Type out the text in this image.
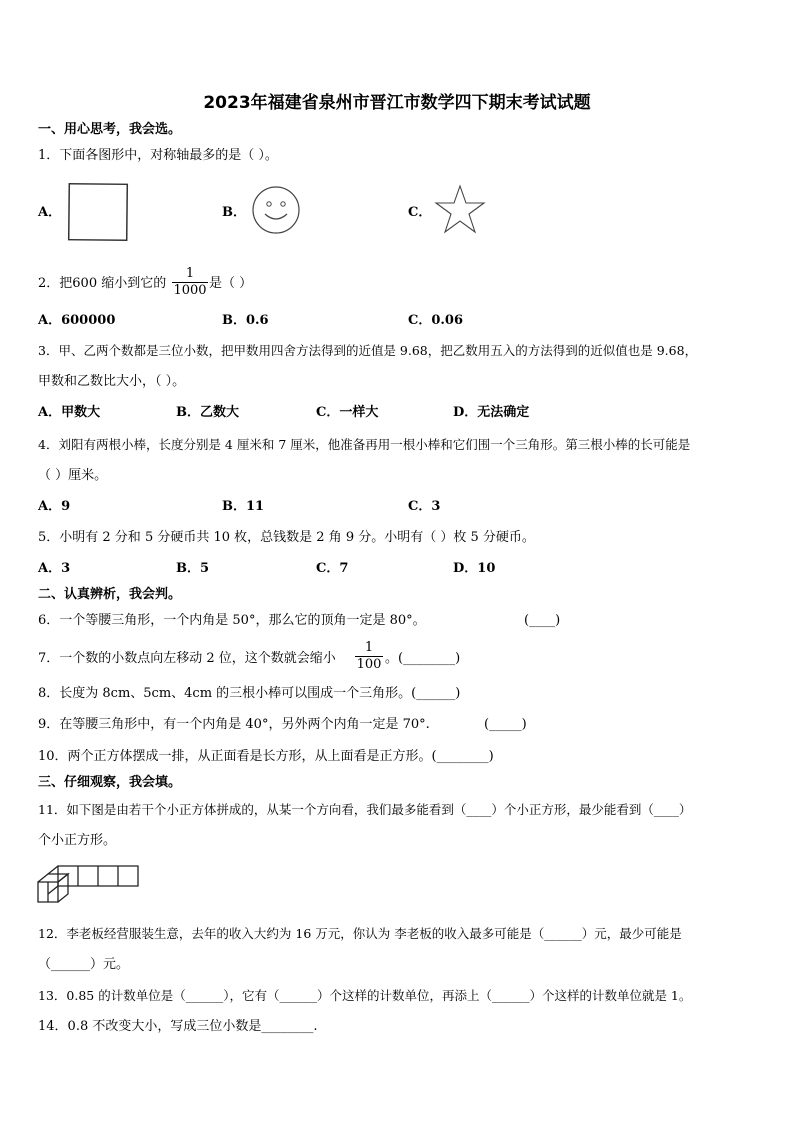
2023年福建省泉州市晋江市数学四下期末考试试题
一、用心思考，我会选。
1．下面各图形中，对称轴最多的是（ ）。
A．	B．	C．
2．把600 缩小到它的 $\frac{1}{1000}$ 是（ ）
A．600000	B．0.6	C．0.06
3．甲、乙两个数都是三位小数，把甲数用四舍方法得到的近值是 9.68，把乙数用五入的方法得到的近似值也是 9.68，
甲数和乙数比大小，（ ）。
A．甲数大	B．乙数大	C．一样大	D．无法确定
4．刘阳有两根小棒，长度分别是 4 厘米和 7 厘米，他准备再用一根小棒和它们围一个三角形。第三根小棒的长可能是
（ ）厘米。
A．9	B．11	C．3
5．小明有 2 分和 5 分硬币共 10 枚，总钱数是 2 角 9 分。小明有（ ）枚 5 分硬币。
A．3	B．5	C．7	D．10
二、认真辨析，我会判。
6．一个等腰三角形，一个内角是 50°，那么它的顶角一定是 80°。	(____)
7．一个数的小数点向左移动 2 位，这个数就会缩小 $\frac{1}{100}$ 。(________)
8．长度为 8cm、5cm、4cm 的三根小棒可以围成一个三角形。(______)
9．在等腰三角形中，有一个内角是 40°，另外两个内角一定是 70°.	(_____)
10．两个正方体摆成一排，从正面看是长方形，从上面看是正方形。(________)
三、仔细观察，我会填。
11．如下图是由若干个小正方体拼成的，从某一个方向看，我们最多能看到（____）个小正方形，最少能看到（____）
个小正方形。
12．李老板经营服装生意，去年的收入大约为 16 万元，你认为 李老板的收入最多可能是（______）元，最少可能是
（______）元。
13．0.85 的计数单位是（______），它有（______）个这样的计数单位，再添上（______）个这样的计数单位就是 1。
14．0.8 不改变大小，写成三位小数是________.
